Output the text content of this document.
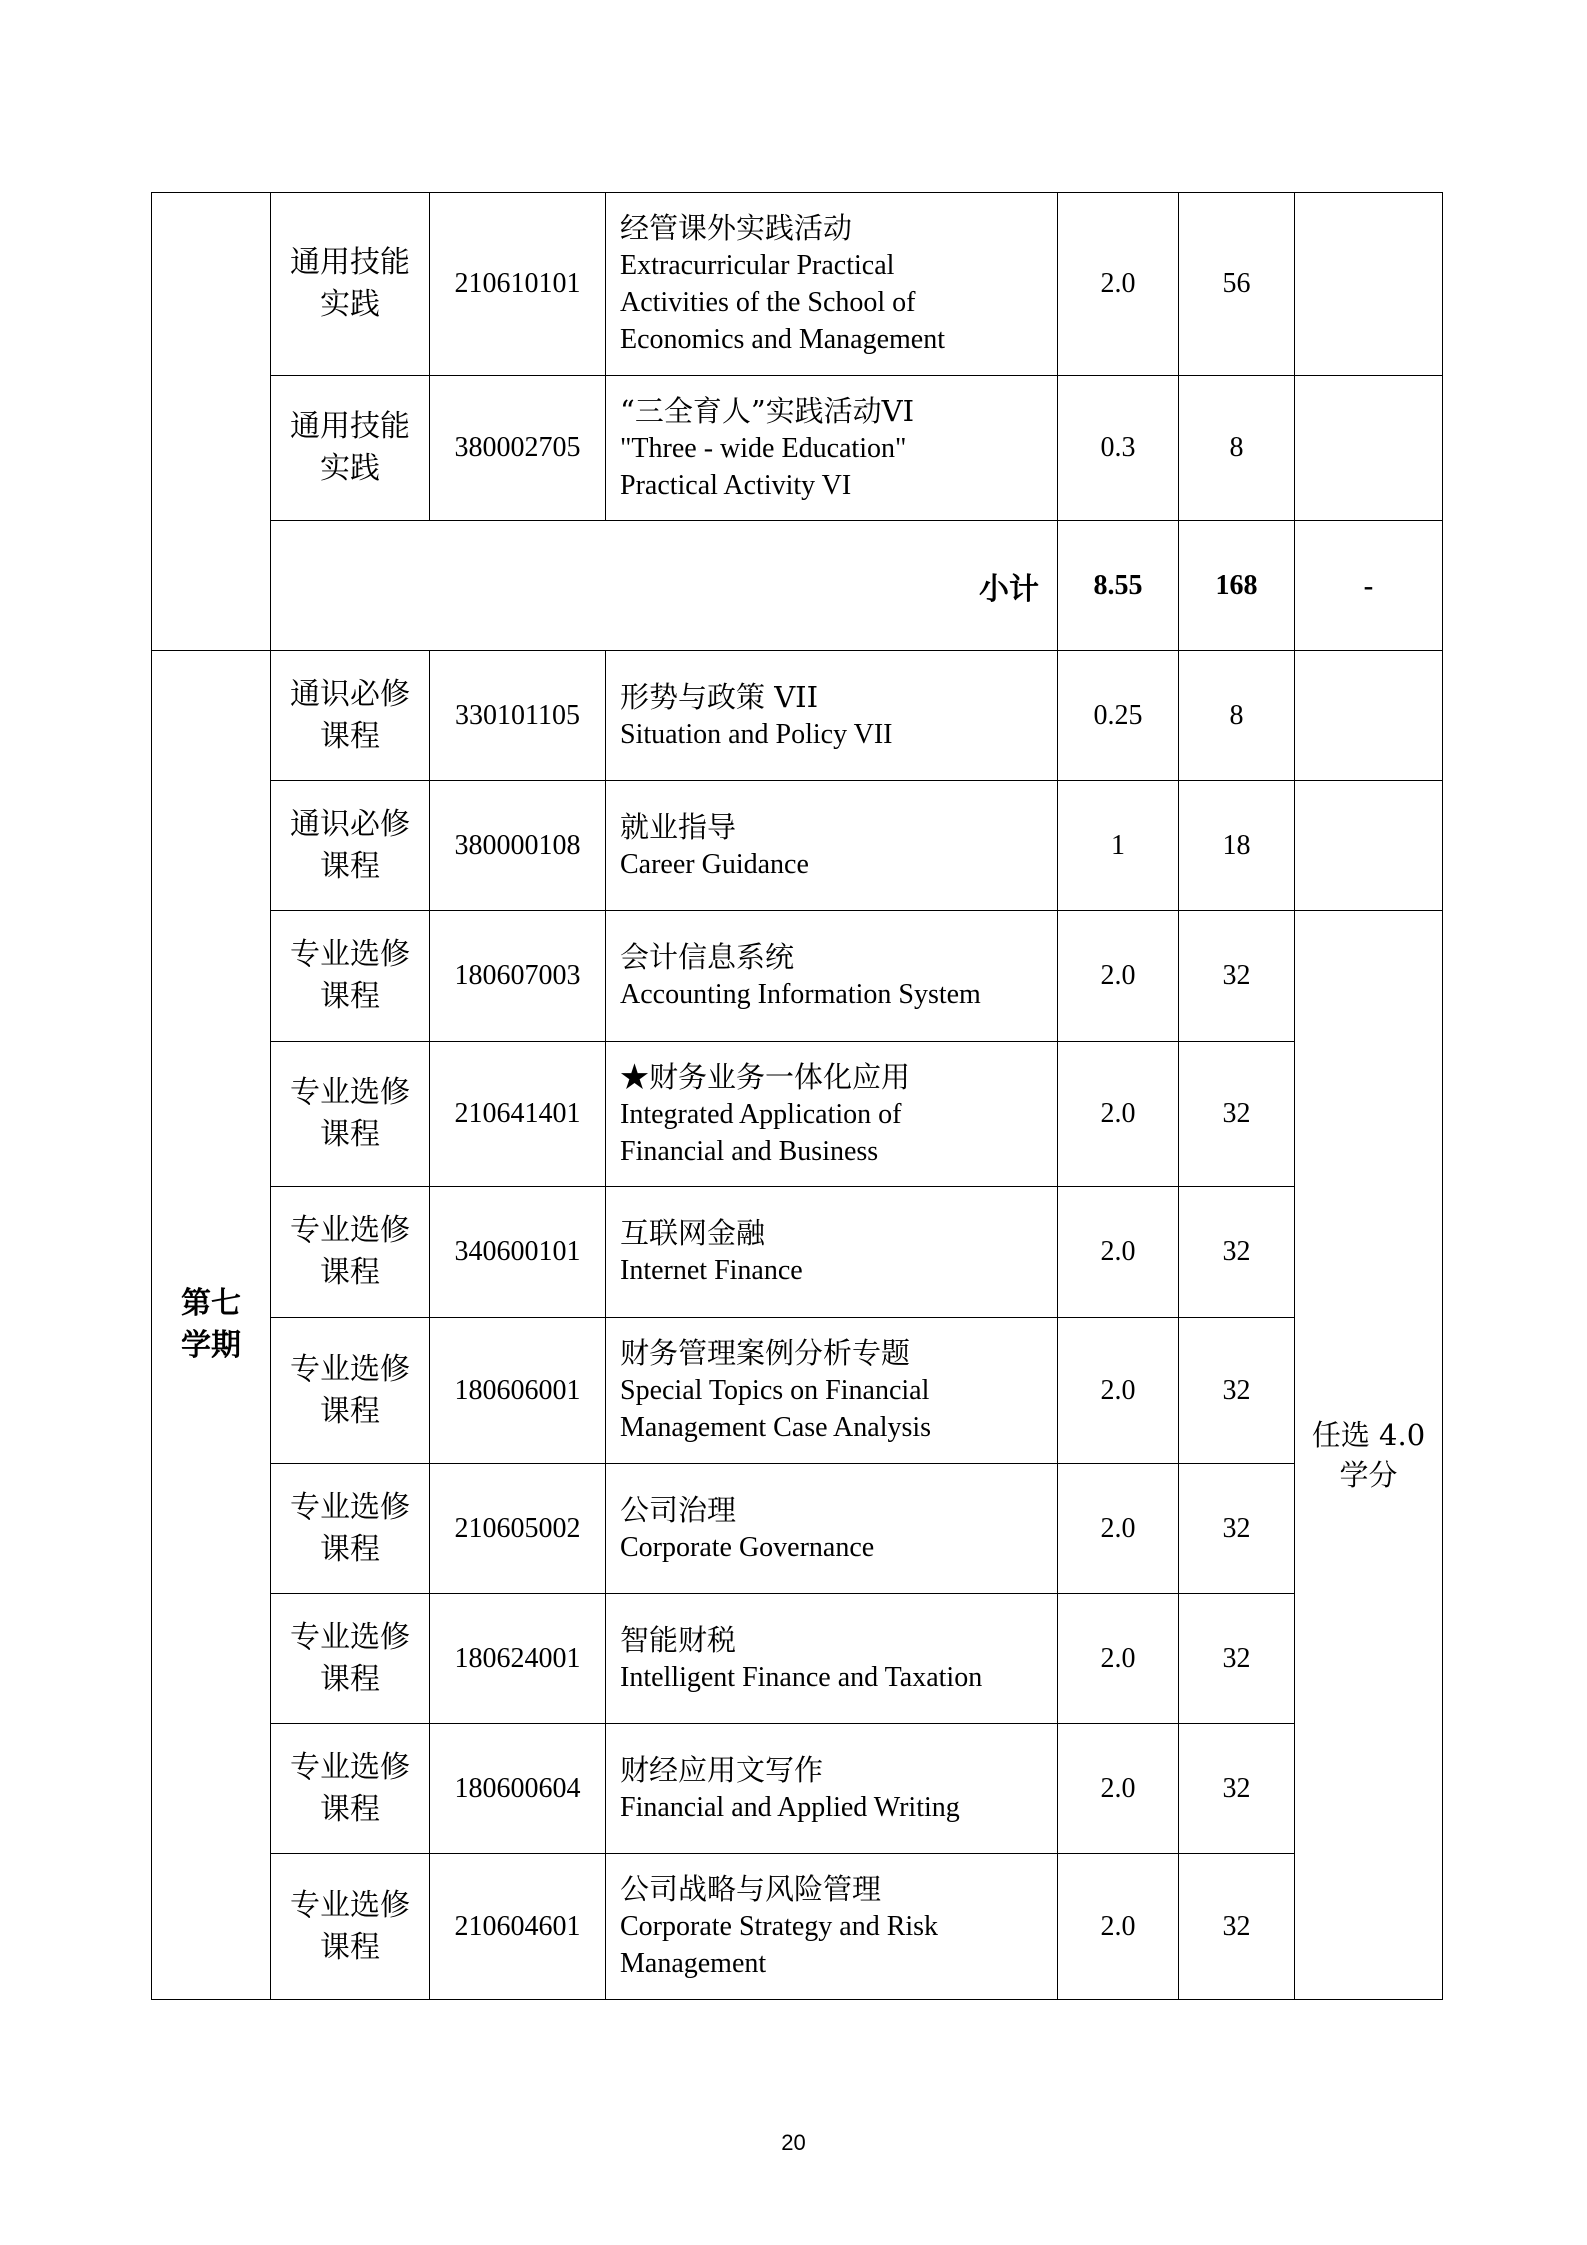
	通用技能
实践	210610101	经管课外实践活动
Extracurricular Practical
Activities of the School of
Economics and Management	2.0	56	
	通用技能
实践	380002705	“三全育人”实践活动VI
"Three - wide Education"
Practical Activity VI	0.3	8	
	小计			8.55	168	-
第七
学期	通识必修
课程	330101105	形势与政策 VII
Situation and Policy VII	0.25	8	
	通识必修
课程	380000108	就业指导
Career Guidance	1	18	
	专业选修
课程	180607003	会计信息系统
Accounting Information System	2.0	32	任选 4.0
学分
	专业选修
课程	210641401	★财务业务一体化应用
Integrated Application of
Financial and Business	2.0	32	
	专业选修
课程	340600101	互联网金融
Internet Finance	2.0	32	
	专业选修
课程	180606001	财务管理案例分析专题
Special Topics on Financial
Management Case Analysis	2.0	32	
	专业选修
课程	210605002	公司治理
Corporate Governance	2.0	32	
	专业选修
课程	180624001	智能财税
Intelligent Finance and Taxation	2.0	32	
	专业选修
课程	180600604	财经应用文写作
Financial and Applied Writing	2.0	32	
	专业选修
课程	210604601	公司战略与风险管理
Corporate Strategy and Risk
Management	2.0	32	
20
